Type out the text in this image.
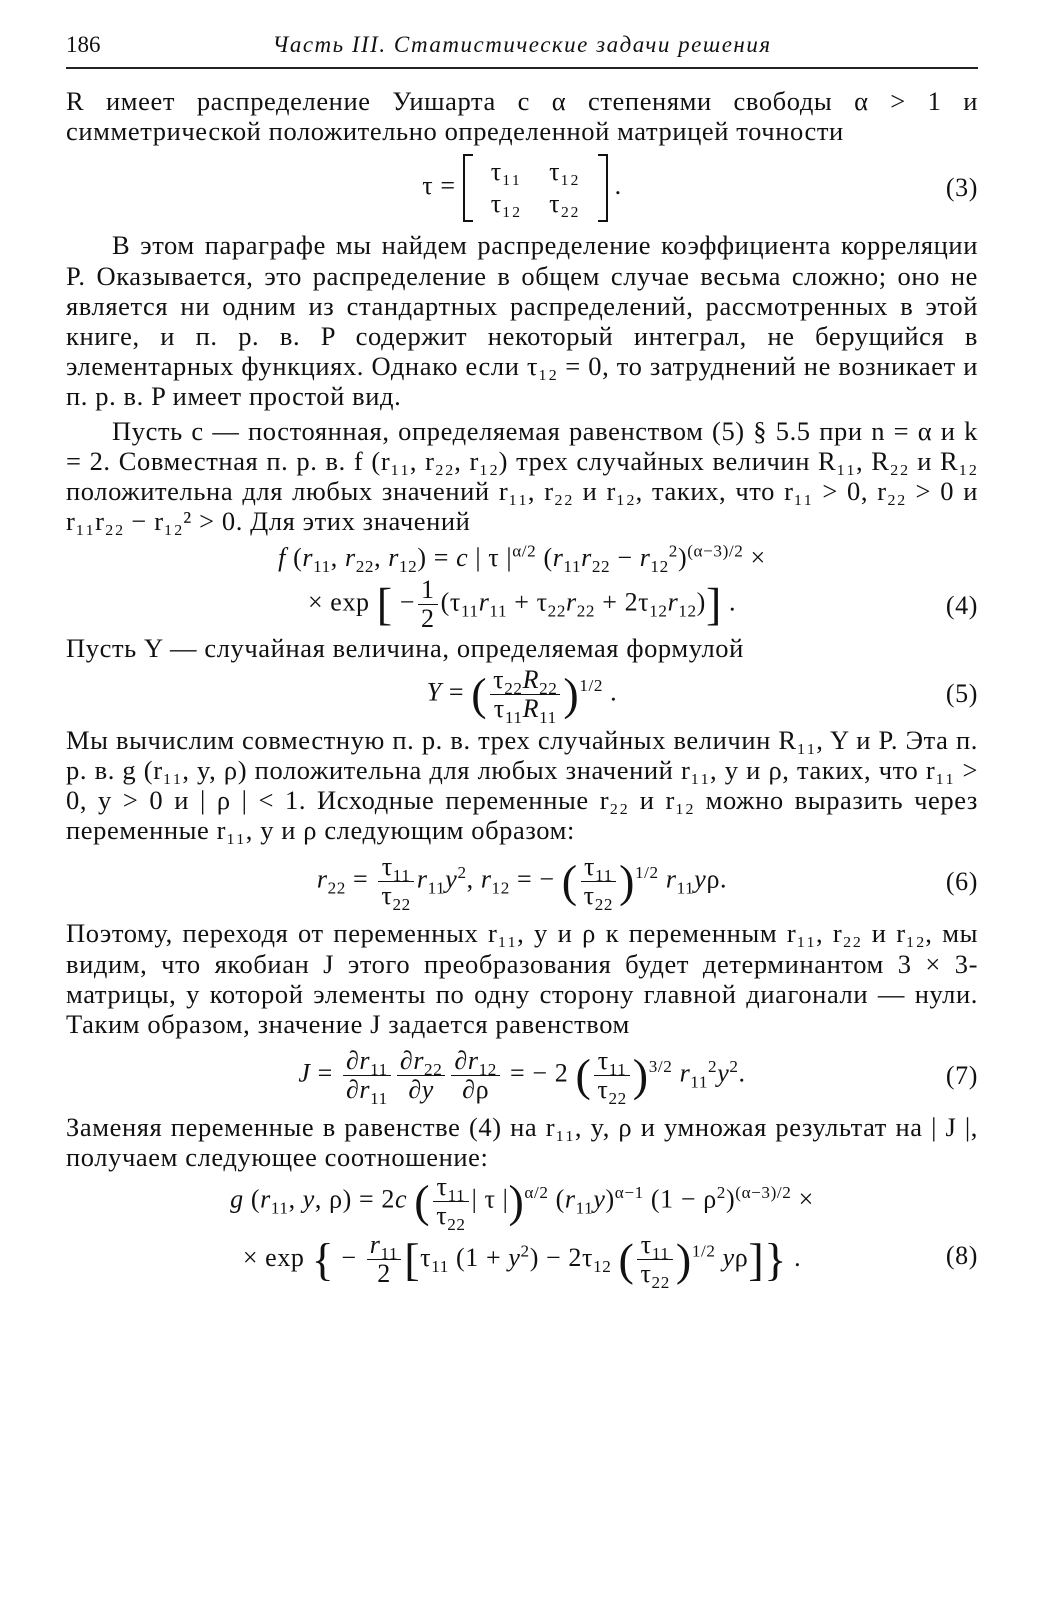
186	Часть III. Статистические задачи решения

R имеет распределение Уишарта с α степенями свободы α > 1 и симметрической положительно определенной матрицей точности

τ = τ₁₁	τ₁₂
τ₁₂	τ₂₂
.	(3)

В этом параграфе мы найдем распределение коэффициента корреляции P. Оказывается, это распределение в общем случае весьма сложно; оно не является ни одним из стандартных распределений, рассмотренных в этой книге, и п. р. в. P содержит некоторый интеграл, не берущийся в элементарных функциях. Однако если τ₁₂ = 0, то затруднений не возникает и п. р. в. P имеет простой вид.

Пусть c — постоянная, определяемая равенством (5) § 5.5 при n = α и k = 2. Совместная п. р. в. f (r₁₁, r₂₂, r₁₂) трех случайных величин R₁₁, R₂₂ и R₁₂ положительна для любых значений r₁₁, r₂₂ и r₁₂, таких, что r₁₁ > 0, r₂₂ > 0 и r₁₁r₂₂ − r₁₂² > 0. Для этих значений

f ($r_{11}$, $r_{22}$, $r_{12}) = c$ | τ $|^{\alpha/2}$ $(r_{11}r_{22} - r_{12}^2)^{(\alpha-3)/2}$ ×
× exp [ − $\frac{1}{2} (\tau_{11}r_{11} + \tau_{22}r_{22} + 2\tau_{12}r_{12})$] .	(4)

Пусть Y — случайная величина, определяемая формулой

Y = ( $\frac{\tau_{22}R_{22}}{\tau_{11}R_{11}} )^{1/2}$ .	(5)

Мы вычислим совместную п. р. в. трех случайных величин R₁₁, Y и P. Эта п. р. в. g (r₁₁, y, ρ) положительна для любых значений r₁₁, y и ρ, таких, что r₁₁ > 0, y > 0 и | ρ | < 1. Исходные переменные r₂₂ и r₁₂ можно выразить через переменные r₁₁, y и ρ следующим образом:

$r_{22} = \frac{\tau_{11}}{\tau_{22}} r_{11}y^2$, $r_{12}$ = − ( $\frac{\tau_{11}}{\tau_{22}} )^{1/2}$ $r_{11}y\rho$.	(6)

Поэтому, переходя от переменных r₁₁, y и ρ к переменным r₁₁, r₂₂ и r₁₂, мы видим, что якобиан J этого преобразования будет детерминантом 3 × 3-матрицы, у которой элементы по одну сторону главной диагонали — нули. Таким образом, значение J задается равенством

$J = \frac{\partial r_{11}}{\partial r_{11}} \frac{\partial r_{22}}{\partial y} \frac{\partial r_{12}}{\partial\rho}$ = − 2 ( $\frac{\tau_{11}}{\tau_{22}} )^{3/2}$ $r_{11}^2y^2$.	(7)

Заменяя переменные в равенстве (4) на r₁₁, y, ρ и умножая результат на | J |, получаем следующее соотношение:

g ($r_{11}$, y, ρ) = 2c ( $\frac{\tau_{11}}{\tau_{22}}$ | τ |)$^{\alpha/2}$ $(r_{11}y)^{\alpha-1}$ $(1 - \rho^2)^{(\alpha-3)/2}$ ×
× exp { − $\frac{r_{11}}{2} [\tau_{11}$ $(1 + y^2) - 2\tau_{12}$ ( $\frac{\tau_{11}}{\tau_{22}} )^{1/2}$ yρ]} .	(8)
